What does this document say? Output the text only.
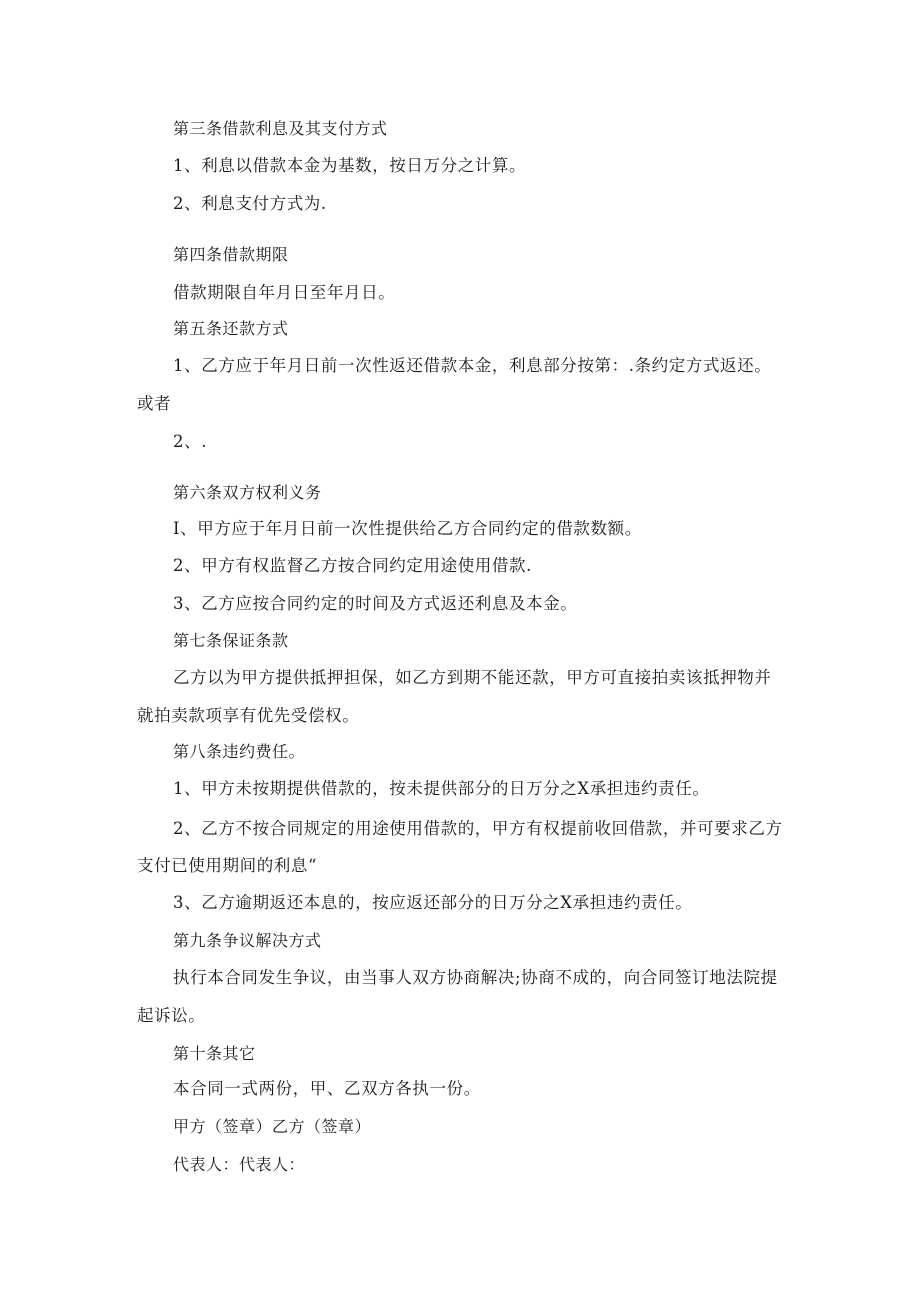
第三条借款利息及其支付方式
1、利息以借款本金为基数，按日万分之计算。
2、利息支付方式为.
第四条借款期限
借款期限自年月日至年月日。
第五条还款方式
1、乙方应于年月日前一次性返还借款本金，利息部分按第：.条约定方式返还。
或者
2、.
第六条双方权利义务
I、甲方应于年月日前一次性提供给乙方合同约定的借款数额。
2、甲方有权监督乙方按合同约定用途使用借款.
3、乙方应按合同约定的时间及方式返还利息及本金。
第七条保证条款
乙方以为甲方提供抵押担保，如乙方到期不能还款，甲方可直接拍卖该抵押物并
就拍卖款项享有优先受偿权。
第八条违约费任。
1、甲方未按期提供借款的，按未提供部分的日万分之X承担违约责任。
2、乙方不按合同规定的用途使用借款的，甲方有权提前收回借款，并可要求乙方
支付已使用期间的利息“
3、乙方逾期返还本息的，按应返还部分的日万分之X承担违约责任。
第九条争议解决方式
执行本合同发生争议，由当事人双方协商解决;协商不成的，向合同签订地法院提
起诉讼。
第十条其它
本合同一式两份，甲、乙双方各执一份。
甲方（签章）乙方（签章）
代表人：代表人：
